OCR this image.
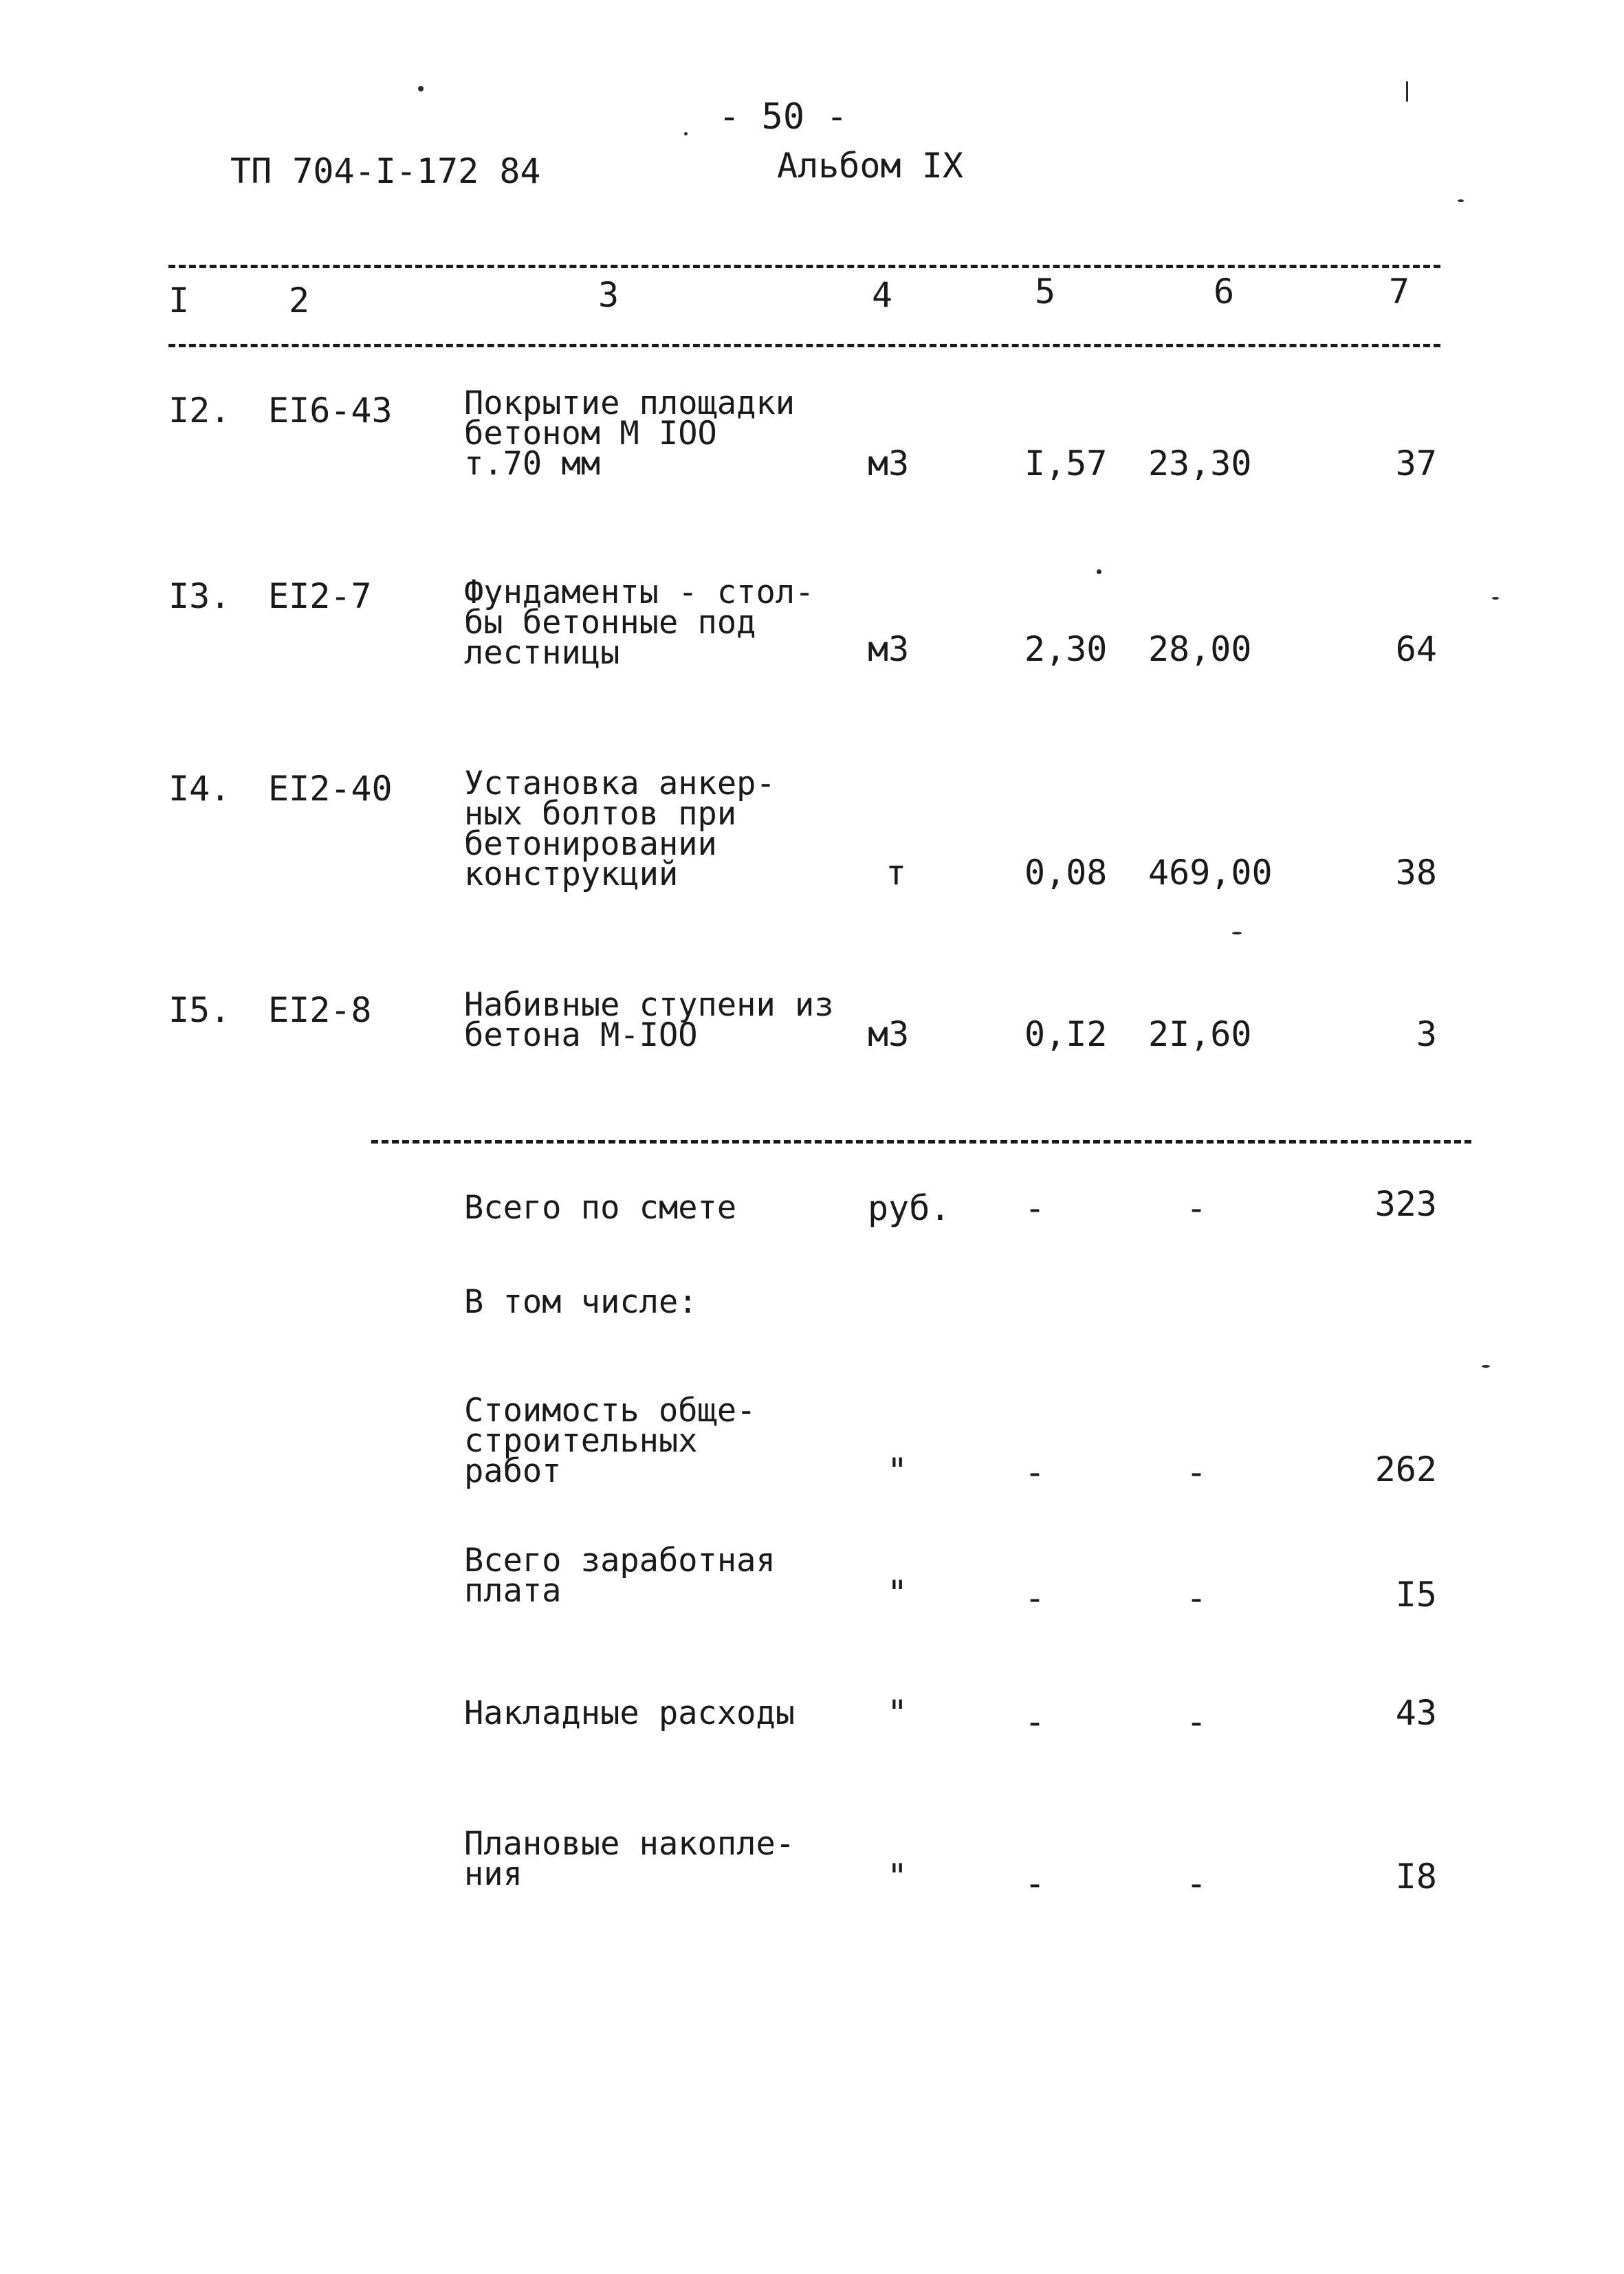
- 50 -
ТП 704-I-172 84	Альбом IX
I	2	3	4	5	6	7
I2. EI6-43 Покрытие площадки
бетоном М IОО
т.70 мм	м3	I,57 23,30	37
I3. EI2-7	Фундаменты - стол-
бы бетонные под
лестницы	м3	2,30 28,00	64
I4. EI2-40 Установка анкер-
ных болтов при
бетонировании
конструкций	т	0,08 469,00	38
I5. EI2-8	Набивные ступени из
бетона М-IОО	м3	0,I2 2I,60	3
Всего по смете	руб. -	-	323
В том числе:
Стоимость обще-
строительных
работ	"	-	-	262
Всего заработная
плата	"	-	-	I5
Накладные расходы	"	-	-	43
Плановые накопле-
ния	"	-	-	I8
